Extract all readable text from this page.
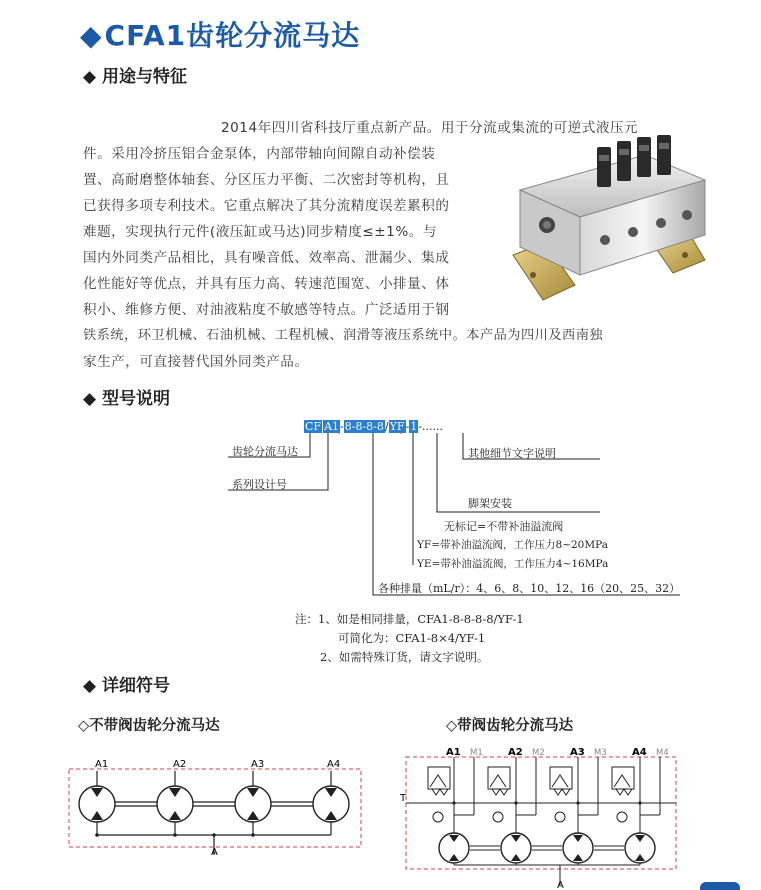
◆CFA1齿轮分流马达
◆ 用途与特征
2014年四川省科技厅重点新产品。用于分流或集流的可逆式液压元
件。采用冷挤压铝合金泵体，内部带轴向间隙自动补偿装
置、高耐磨整体轴套、分区压力平衡、二次密封等机构，且
已获得多项专利技术。它重点解决了其分流精度误差累积的
难题，实现执行元件(液压缸或马达)同步精度≤±1%。与
国内外同类产品相比，具有噪音低、效率高、泄漏少、集成
化性能好等优点，并具有压力高、转速范围宽、小排量、体
积小、维修方便、对油液粘度不敏感等特点。广泛适用于钢
铁系统，环卫机械、石油机械、工程机械、润滑等液压系统中。本产品为四川及西南独
家生产，可直接替代国外同类产品。
◆ 型号说明
CF A1-8-8-8-8/YF-1-......
齿轮分流马达
系列设计号
其他细节文字说明
脚架安装
无标记=不带补油溢流阀
YF=带补油溢流阀，工作压力8~20MPa
YE=带补油溢流阀，工作压力4~16MPa
各种排量（mL/r）：4、6、8、10、12、16（20、25、32）
注：1、如是相同排量，CFA1-8-8-8-8/YF-1
可简化为：CFA1-8×4/YF-1
2、如需特殊订货，请文字说明。
◆ 详细符号
◇不带阀齿轮分流马达	◇带阀齿轮分流马达
A1	A2	A3	A4
A
A1	A2	A3	A4
M1	M2	M3	M4
T
A
